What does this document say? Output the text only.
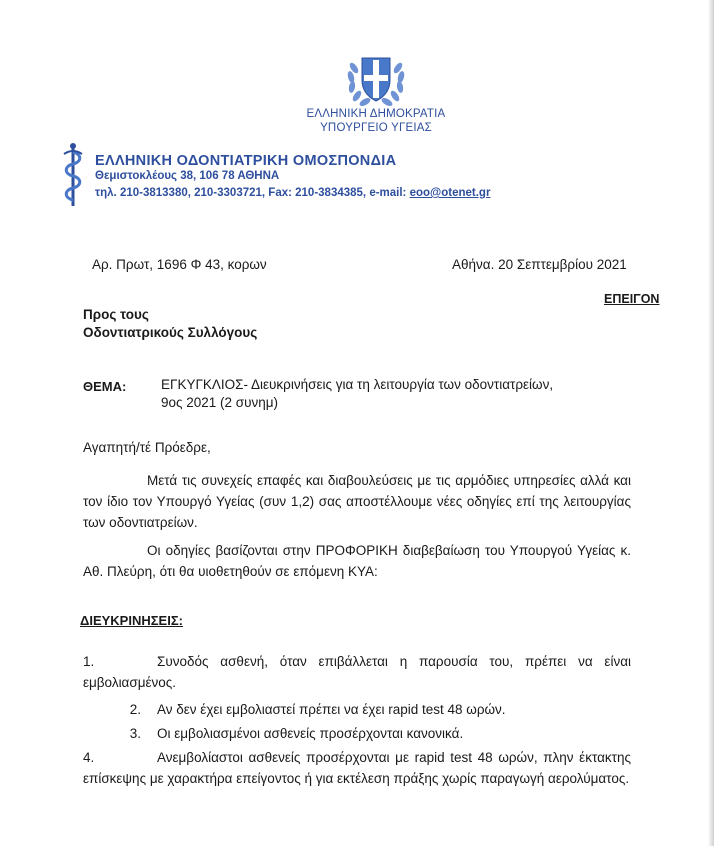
ΕΛΛΗΝΙΚΗ ΔΗΜΟΚΡΑΤΙΑ
ΥΠΟΥΡΓΕΙΟ ΥΓΕΙΑΣ
ΕΛΛΗΝΙΚΗ ΟΔΟΝΤΙΑΤΡΙΚΗ ΟΜΟΣΠΟΝΔΙΑ
Θεμιστοκλέους 38, 106 78 ΑΘΗΝΑ
τηλ. 210-3813380, 210-3303721, Fax: 210-3834385, e-mail: eoo@otenet.gr
Αρ. Πρωτ, 1696 Φ 43, κορων	Αθήνα. 20 Σεπτεμβρίου 2021
ΕΠΕΙΓΟΝ
Προς τους
Οδοντιατρικούς Συλλόγους
ΘΕΜΑ:	ΕΓΚΥΓΚΛΙΟΣ- Διευκρινήσεις για τη λειτουργία των οδοντιατρείων,
9ος 2021 (2 συνημ)
Αγαπητή/τέ Πρόεδρε,
Μετά τις συνεχείς επαφές και διαβουλεύσεις με τις αρμόδιες υπηρεσίες αλλά και τον ίδιο τον Υπουργό Υγείας (συν 1,2) σας αποστέλλουμε νέες οδηγίες επί της λειτουργίας των οδοντιατρείων.
Οι οδηγίες βασίζονται στην ΠΡΟΦΟΡΙΚΗ διαβεβαίωση του Υπουργού Υγείας κ. Αθ. Πλεύρη, ότι θα υιοθετηθούν σε επόμενη ΚΥΑ:
ΔΙΕΥΚΡΙΝΗΣΕΙΣ:
1.	Συνοδός ασθενή, όταν επιβάλλεται η παρουσία του, πρέπει να είναι εμβολιασμένος.
2. Αν δεν έχει εμβολιαστεί πρέπει να έχει rapid test 48 ωρών.
3. Οι εμβολιασμένοι ασθενείς προσέρχονται κανονικά.
4.	Ανεμβολίαστοι ασθενείς προσέρχονται με rapid test 48 ωρών, πλην έκτακτης επίσκεψης με χαρακτήρα επείγοντος ή για εκτέλεση πράξης χωρίς παραγωγή αερολύματος.
